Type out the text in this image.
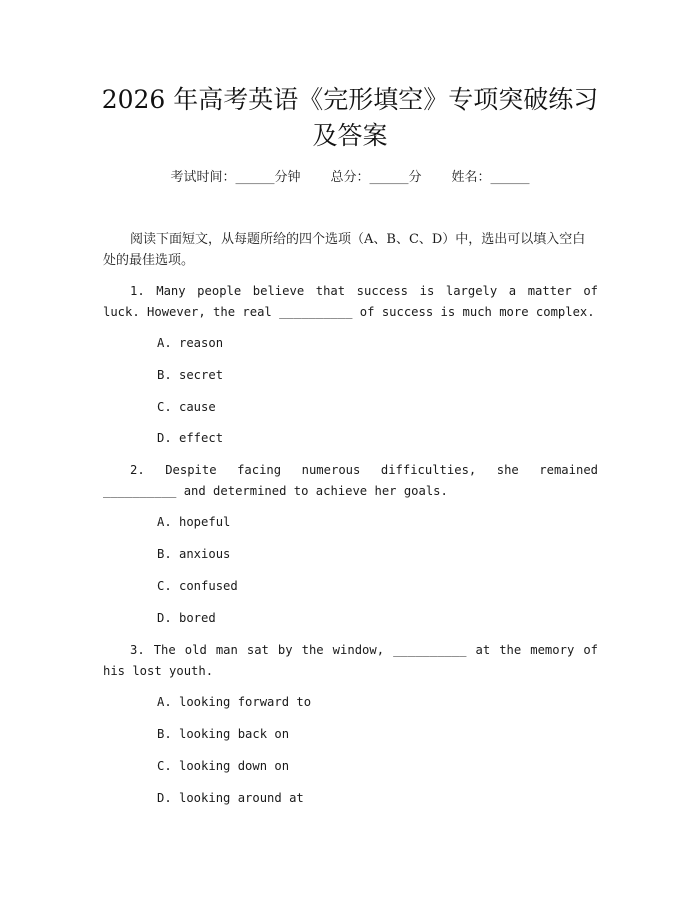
2026 年高考英语《完形填空》专项突破练习
及答案
考试时间：______分钟 总分：______分 姓名：______
阅读下面短文，从每题所给的四个选项（A、B、C、D）中，选出可以填入空白处的最佳选项。
1. Many people believe that success is largely a matter of luck. However, the real __________ of success is much more complex.
A. reason
B. secret
C. cause
D. effect
2. Despite facing numerous difficulties, she remained __________ and determined to achieve her goals.
A. hopeful
B. anxious
C. confused
D. bored
3. The old man sat by the window, __________ at the memory of his lost youth.
A. looking forward to
B. looking back on
C. looking down on
D. looking around at
